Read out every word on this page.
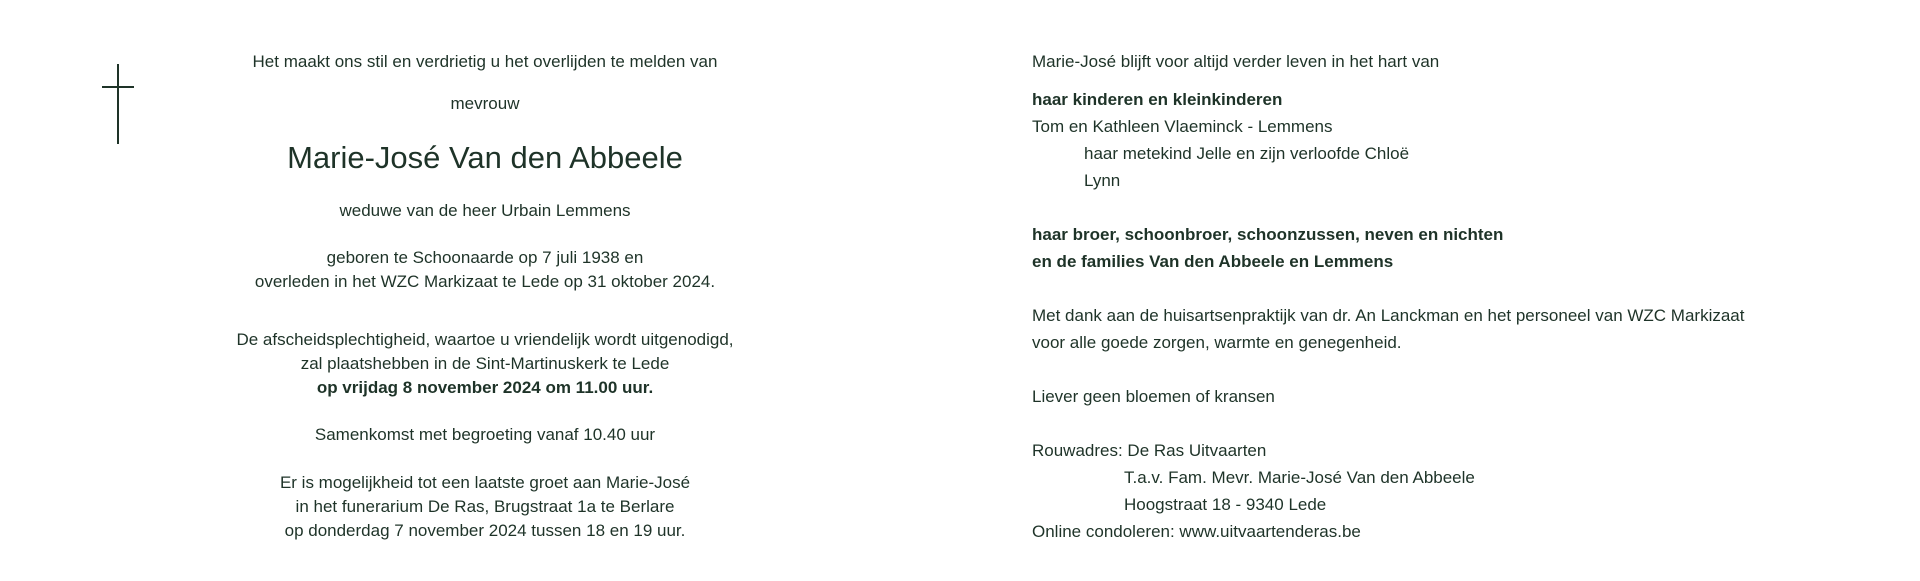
Het maakt ons stil en verdrietig u het overlijden te melden van
mevrouw
Marie-José Van den Abbeele
weduwe van de heer Urbain Lemmens
geboren te Schoonaarde op 7 juli 1938 en
overleden in het WZC Markizaat te Lede op 31 oktober 2024.
De afscheidsplechtigheid, waartoe u vriendelijk wordt uitgenodigd,
zal plaatshebben in de Sint-Martinuskerk te Lede
op vrijdag 8 november 2024 om 11.00 uur.
Samenkomst met begroeting vanaf 10.40 uur
Er is mogelijkheid tot een laatste groet aan Marie-José
in het funerarium De Ras, Brugstraat 1a te Berlare
op donderdag 7 november 2024 tussen 18 en 19 uur.
Marie-José blijft voor altijd verder leven in het hart van
haar kinderen en kleinkinderen
Tom en Kathleen Vlaeminck - Lemmens
haar metekind Jelle en zijn verloofde Chloë
Lynn
haar broer, schoonbroer, schoonzussen, neven en nichten
en de families Van den Abbeele en Lemmens
Met dank aan de huisartsenpraktijk van dr. An Lanckman en het personeel van WZC Markizaat
voor alle goede zorgen, warmte en genegenheid.
Liever geen bloemen of kransen
Rouwadres: De Ras Uitvaarten
T.a.v. Fam. Mevr. Marie-José Van den Abbeele
Hoogstraat 18 - 9340 Lede
Online condoleren: www.uitvaartenderas.be
